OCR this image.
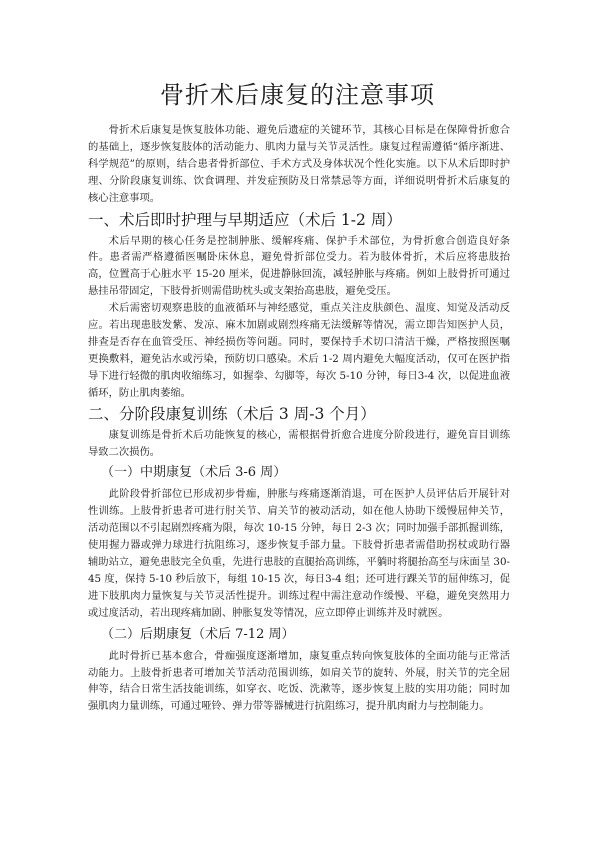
骨折术后康复的注意事项

骨折术后康复是恢复肢体功能、避免后遗症的关键环节，其核心目标是在保障骨折愈合的基础上，逐步恢复肢体的活动能力、肌肉力量与关节灵活性。康复过程需遵循“循序渐进、科学规范”的原则，结合患者骨折部位、手术方式及身体状况个性化实施。以下从术后即时护理、分阶段康复训练、饮食调理、并发症预防及日常禁忌等方面，详细说明骨折术后康复的核心注意事项。

一、术后即时护理与早期适应（术后 1-2 周）

术后早期的核心任务是控制肿胀、缓解疼痛、保护手术部位，为骨折愈合创造良好条件。患者需严格遵循医嘱卧床休息，避免骨折部位受力。若为肢体骨折，术后应将患肢抬高，位置高于心脏水平 15-20 厘米，促进静脉回流，减轻肿胀与疼痛。例如上肢骨折可通过悬挂吊带固定，下肢骨折则需借助枕头或支架抬高患肢，避免受压。

术后需密切观察患肢的血液循环与神经感觉，重点关注皮肤颜色、温度、知觉及活动反应。若出现患肢发紫、发凉、麻木加剧或剧烈疼痛无法缓解等情况，需立即告知医护人员，排查是否存在血管受压、神经损伤等问题。同时，要保持手术切口清洁干燥，严格按照医嘱更换敷料，避免沾水或污染，预防切口感染。术后 1-2 周内避免大幅度活动，仅可在医护指导下进行轻微的肌肉收缩练习，如握拳、勾脚等，每次 5-10 分钟，每日3-4 次，以促进血液循环，防止肌肉萎缩。

二、分阶段康复训练（术后 3 周-3 个月）

康复训练是骨折术后功能恢复的核心，需根据骨折愈合进度分阶段进行，避免盲目训练导致二次损伤。

（一）中期康复（术后 3-6 周）

此阶段骨折部位已形成初步骨痂，肿胀与疼痛逐渐消退，可在医护人员评估后开展针对性训练。上肢骨折患者可进行肘关节、肩关节的被动活动，如在他人协助下缓慢屈伸关节，活动范围以不引起剧烈疼痛为限，每次 10-15 分钟，每日 2-3 次；同时加强手部抓握训练，使用握力器或弹力球进行抗阻练习，逐步恢复手部力量。下肢骨折患者需借助拐杖或助行器辅助站立，避免患肢完全负重，先进行患肢的直腿抬高训练，平躺时将腿抬高至与床面呈 30-45 度，保持 5-10 秒后放下，每组 10-15 次，每日3-4 组；还可进行踝关节的屈伸练习，促进下肢肌肉力量恢复与关节灵活性提升。训练过程中需注意动作缓慢、平稳，避免突然用力或过度活动，若出现疼痛加剧、肿胀复发等情况，应立即停止训练并及时就医。

（二）后期康复（术后 7-12 周）

此时骨折已基本愈合，骨痂强度逐渐增加，康复重点转向恢复肢体的全面功能与正常活动能力。上肢骨折患者可增加关节活动范围训练，如肩关节的旋转、外展，肘关节的完全屈伸等，结合日常生活技能训练，如穿衣、吃饭、洗漱等，逐步恢复上肢的实用功能；同时加强肌肉力量训练，可通过哑铃、弹力带等器械进行抗阻练习，提升肌肉耐力与控制能力。
